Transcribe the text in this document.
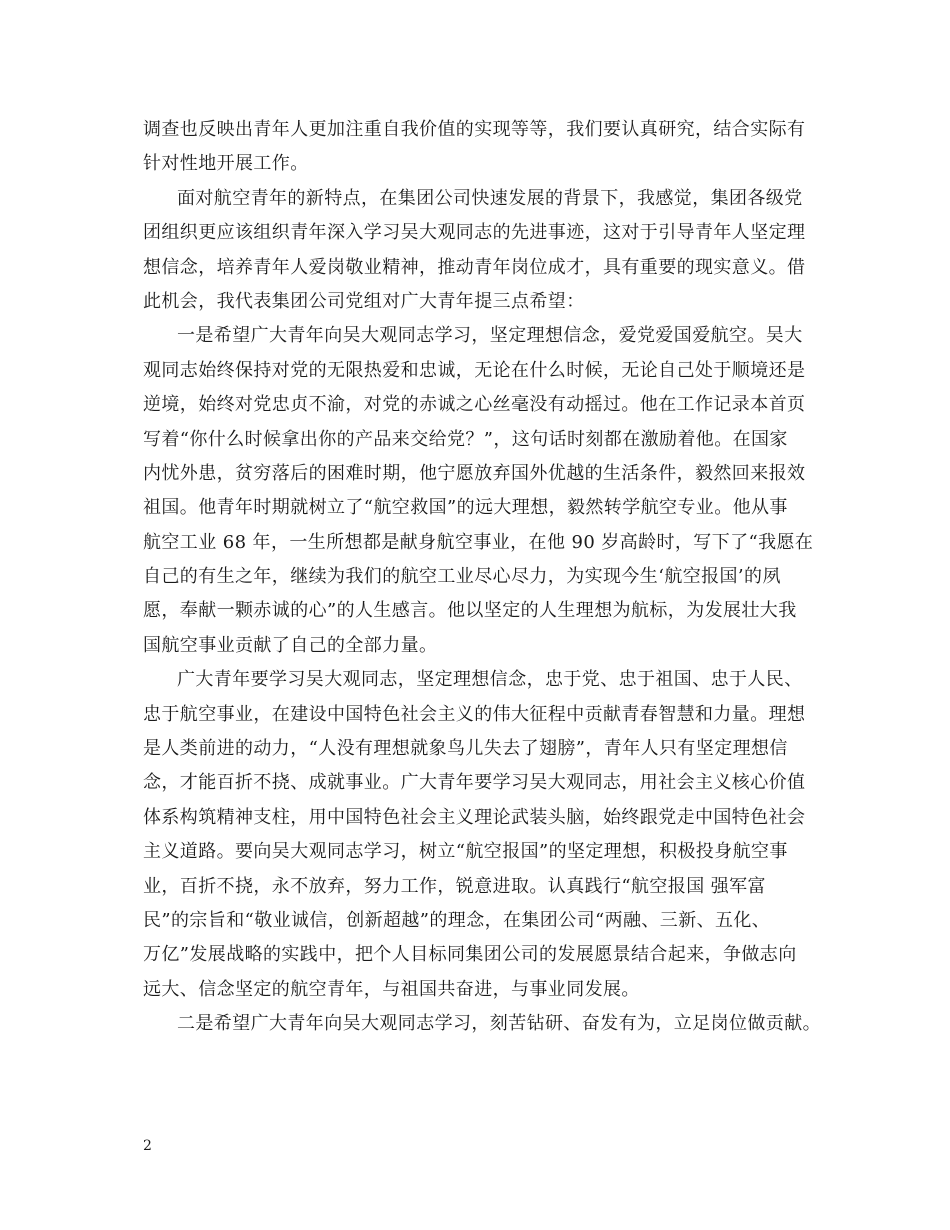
调查也反映出青年人更加注重自我价值的实现等等，我们要认真研究，结合实际有
针对性地开展工作。
面对航空青年的新特点，在集团公司快速发展的背景下，我感觉，集团各级党
团组织更应该组织青年深入学习吴大观同志的先进事迹，这对于引导青年人坚定理
想信念，培养青年人爱岗敬业精神，推动青年岗位成才，具有重要的现实意义。借
此机会，我代表集团公司党组对广大青年提三点希望：
一是希望广大青年向吴大观同志学习，坚定理想信念，爱党爱国爱航空。吴大
观同志始终保持对党的无限热爱和忠诚，无论在什么时候，无论自己处于顺境还是
逆境，始终对党忠贞不渝，对党的赤诚之心丝毫没有动摇过。他在工作记录本首页
写着“你什么时候拿出你的产品来交给党？”，这句话时刻都在激励着他。在国家
内忧外患，贫穷落后的困难时期，他宁愿放弃国外优越的生活条件，毅然回来报效
祖国。他青年时期就树立了“航空救国”的远大理想，毅然转学航空专业。他从事
航空工业 68 年，一生所想都是献身航空事业，在他 90 岁高龄时，写下了“我愿在
自己的有生之年，继续为我们的航空工业尽心尽力，为实现今生‘航空报国’的夙
愿，奉献一颗赤诚的心”的人生感言。他以坚定的人生理想为航标，为发展壮大我
国航空事业贡献了自己的全部力量。
广大青年要学习吴大观同志，坚定理想信念，忠于党、忠于祖国、忠于人民、
忠于航空事业，在建设中国特色社会主义的伟大征程中贡献青春智慧和力量。理想
是人类前进的动力，“人没有理想就象鸟儿失去了翅膀”，青年人只有坚定理想信
念，才能百折不挠、成就事业。广大青年要学习吴大观同志，用社会主义核心价值
体系构筑精神支柱，用中国特色社会主义理论武装头脑，始终跟党走中国特色社会
主义道路。要向吴大观同志学习，树立“航空报国”的坚定理想，积极投身航空事
业，百折不挠，永不放弃，努力工作，锐意进取。认真践行“航空报国 强军富
民”的宗旨和“敬业诚信，创新超越”的理念，在集团公司“两融、三新、五化、
万亿”发展战略的实践中，把个人目标同集团公司的发展愿景结合起来，争做志向
远大、信念坚定的航空青年，与祖国共奋进，与事业同发展。
二是希望广大青年向吴大观同志学习，刻苦钻研、奋发有为，立足岗位做贡献。
2
